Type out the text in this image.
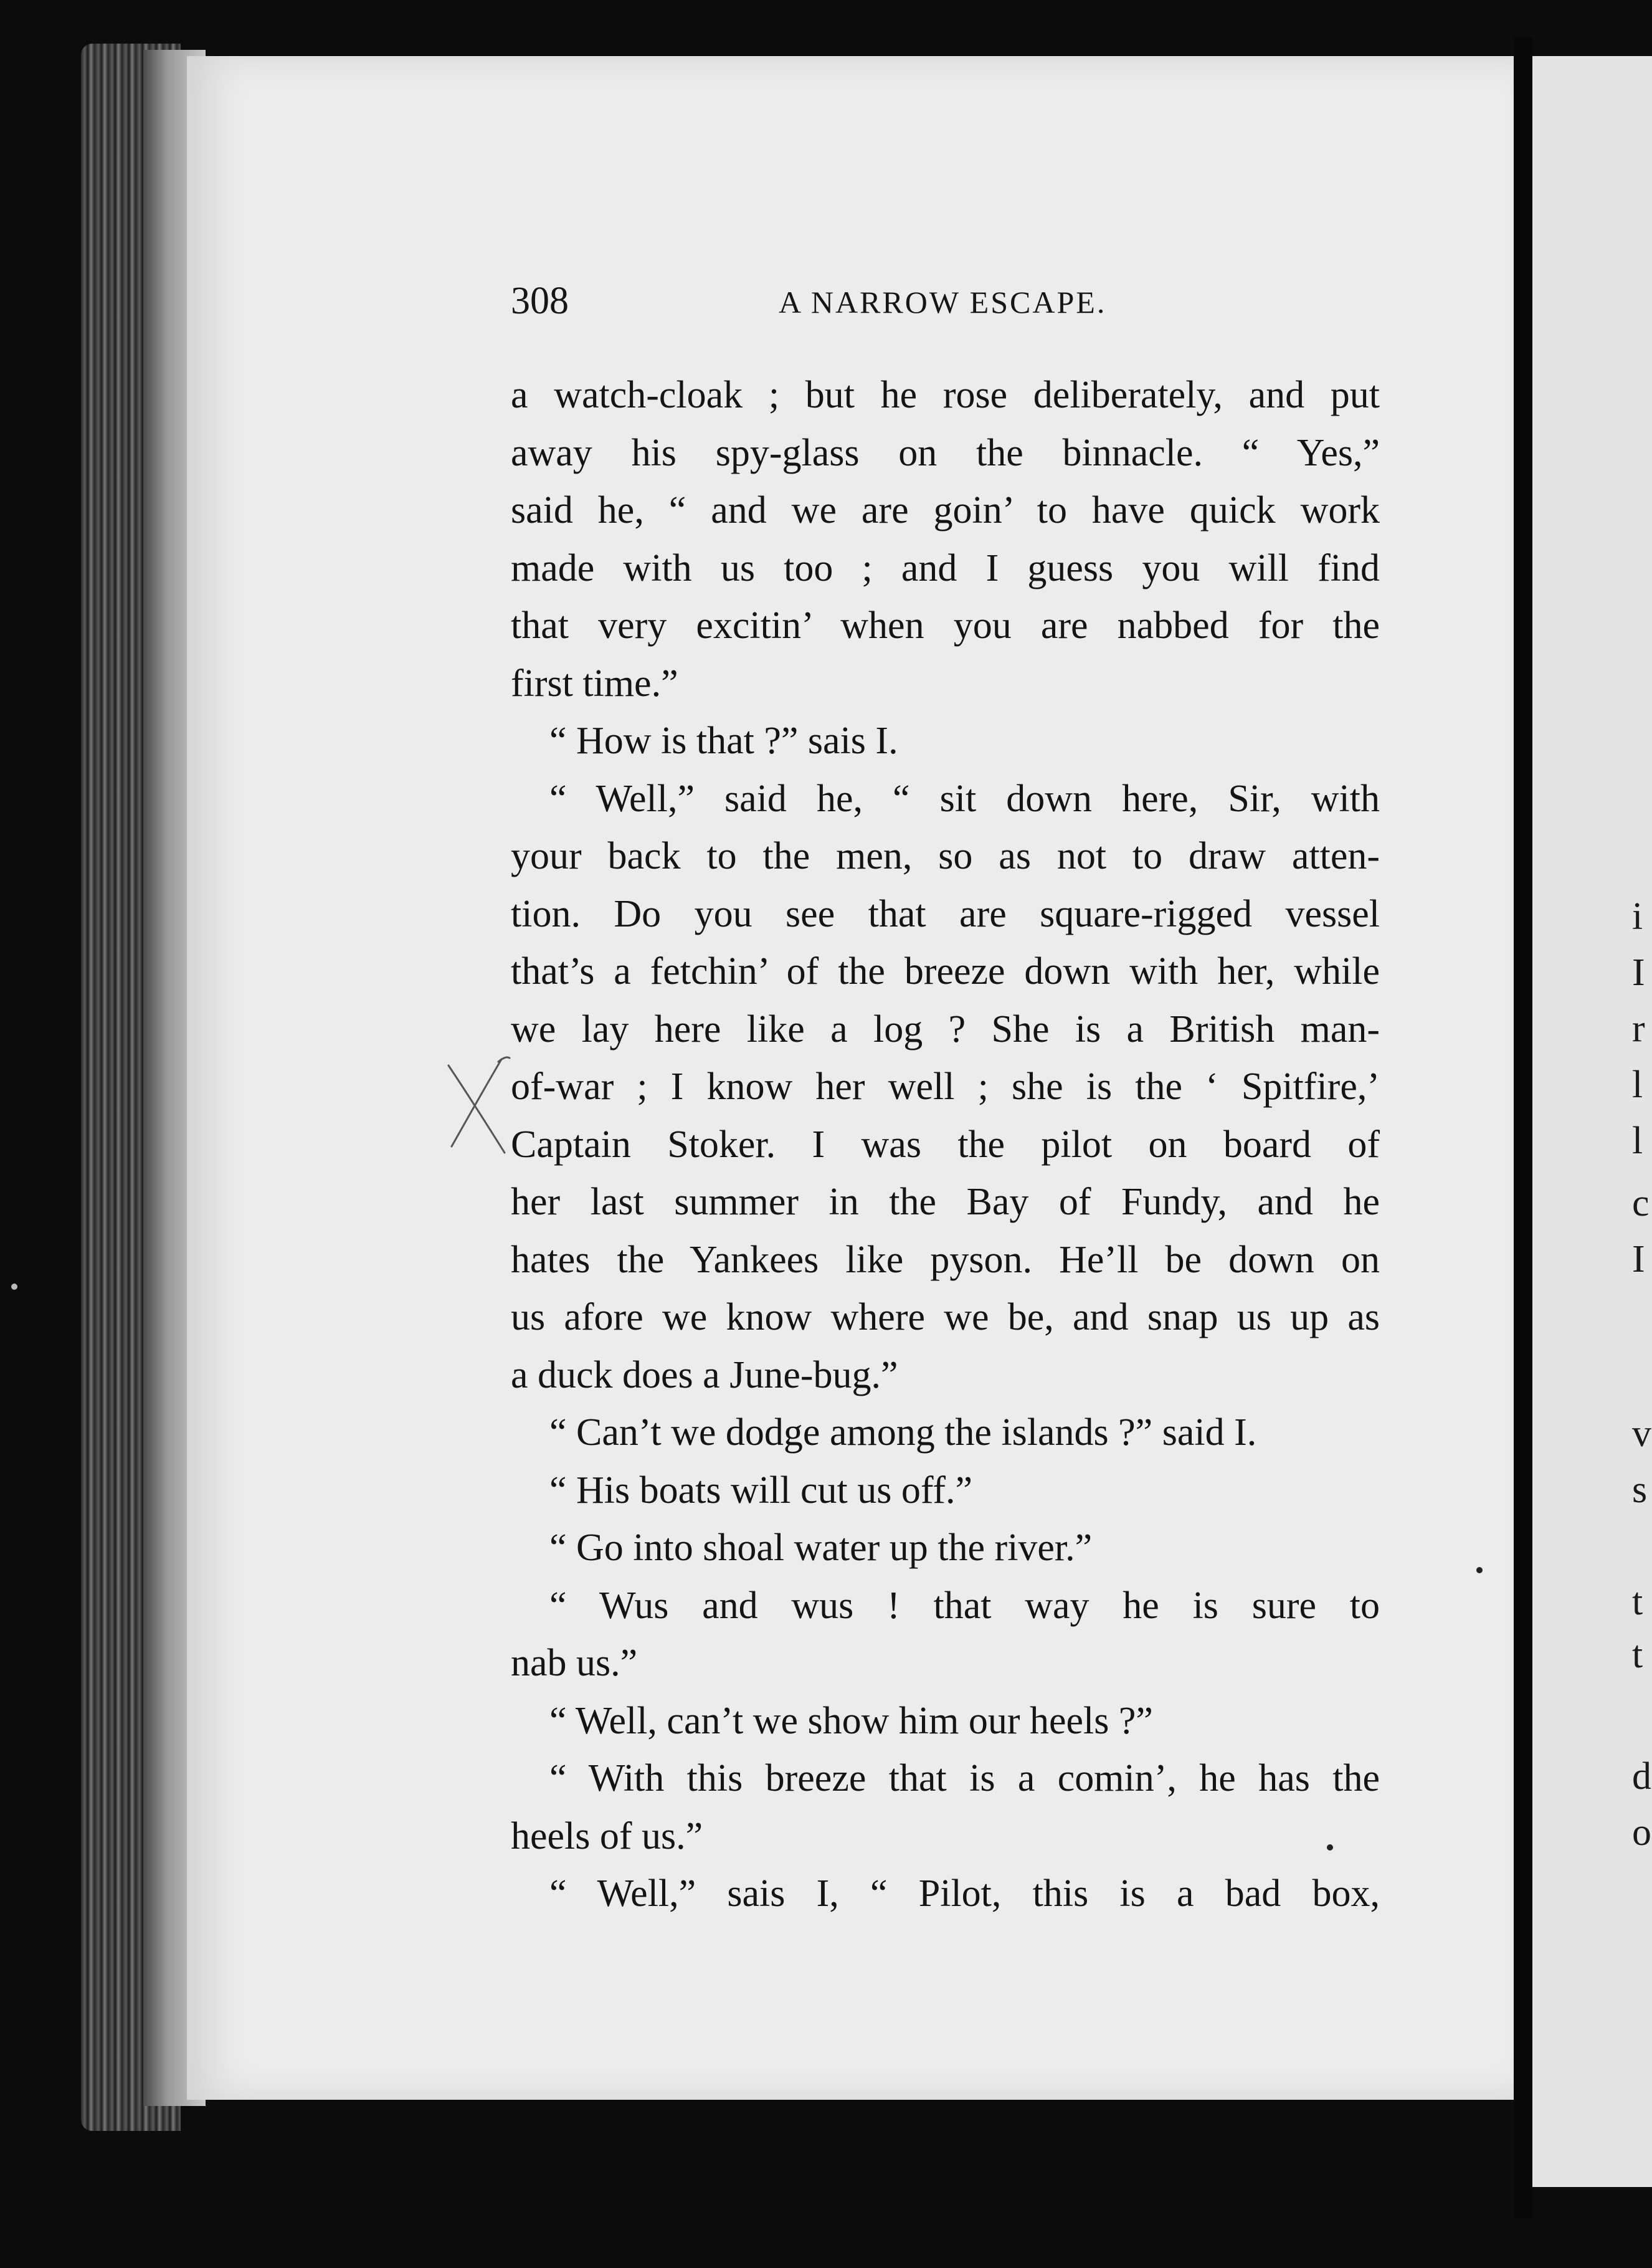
i
I
r
l
l
c
I
v
s
t
t
d
o
308	A NARROW ESCAPE.
a watch-cloak ; but he rose deliberately, and put
away his spy-glass on the binnacle. “ Yes,”
said he, “ and we are goin’ to have quick work
made with us too ; and I guess you will find
that very excitin’ when you are nabbed for the
first time.”
“ How is that ?” sais I.
“ Well,” said he, “ sit down here, Sir, with
your back to the men, so as not to draw atten-
tion. Do you see that are square-rigged vessel
that’s a fetchin’ of the breeze down with her, while
we lay here like a log ? She is a British man-
of-war ; I know her well ; she is the ‘ Spitfire,’
Captain Stoker. I was the pilot on board of
her last summer in the Bay of Fundy, and he
hates the Yankees like pyson. He’ll be down on
us afore we know where we be, and snap us up as
a duck does a June-bug.”
“ Can’t we dodge among the islands ?” said I.
“ His boats will cut us off.”
“ Go into shoal water up the river.”
“ Wus and wus ! that way he is sure to
nab us.”
“ Well, can’t we show him our heels ?”
“ With this breeze that is a comin’, he has the
heels of us.”
“ Well,” sais I, “ Pilot, this is a bad box,
